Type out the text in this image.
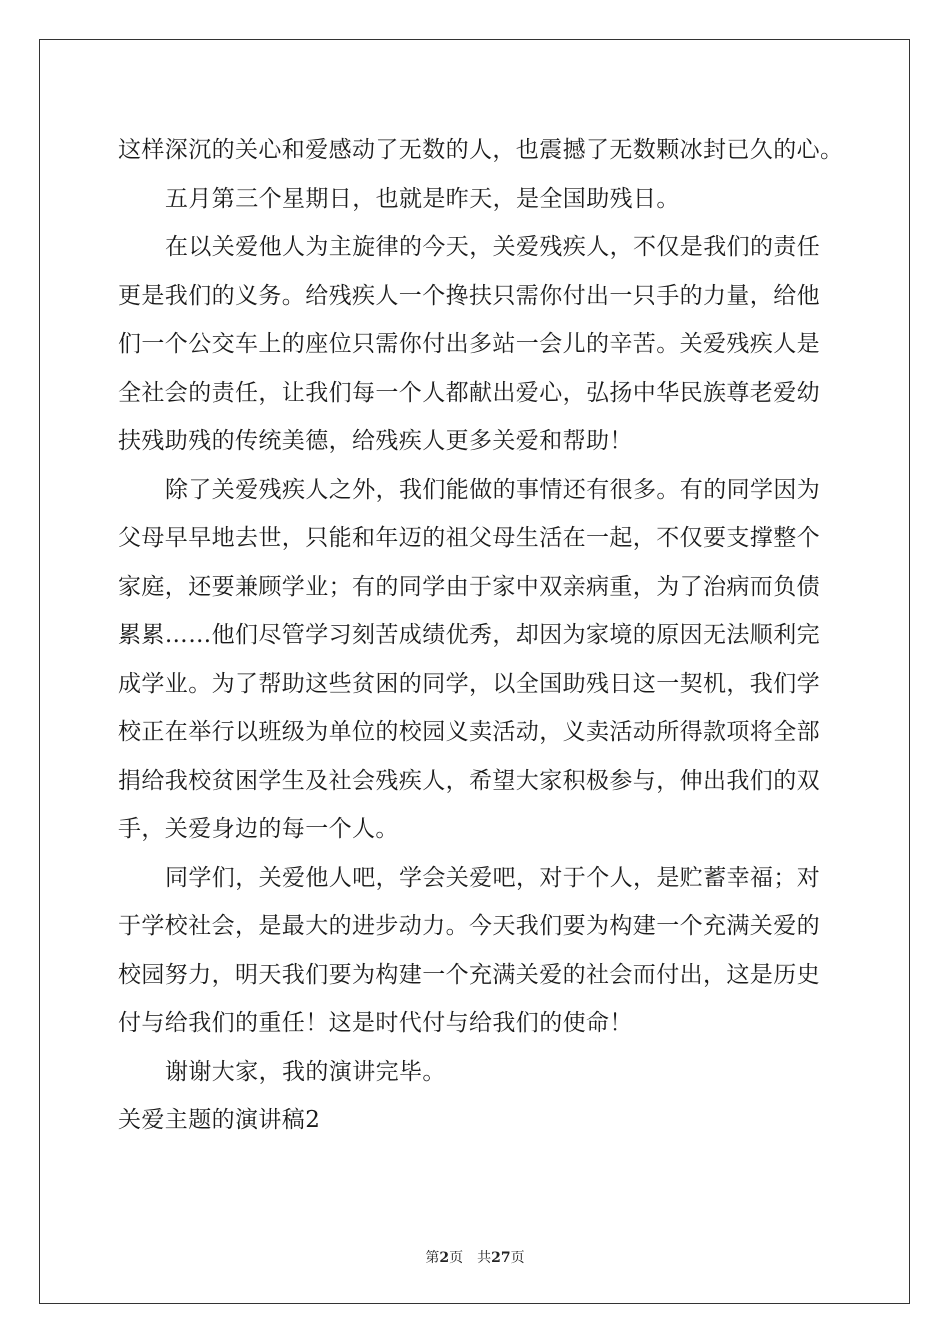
这样深沉的关心和爱感动了无数的人，也震撼了无数颗冰封已久的心。
五月第三个星期日，也就是昨天，是全国助残日。
在以关爱他人为主旋律的今天，关爱残疾人，不仅是我们的责任
更是我们的义务。给残疾人一个搀扶只需你付出一只手的力量，给他
们一个公交车上的座位只需你付出多站一会儿的辛苦。关爱残疾人是
全社会的责任，让我们每一个人都献出爱心，弘扬中华民族尊老爱幼
扶残助残的传统美德，给残疾人更多关爱和帮助！
除了关爱残疾人之外，我们能做的事情还有很多。有的同学因为
父母早早地去世，只能和年迈的祖父母生活在一起，不仅要支撑整个
家庭，还要兼顾学业；有的同学由于家中双亲病重，为了治病而负债
累累……他们尽管学习刻苦成绩优秀，却因为家境的原因无法顺利完
成学业。为了帮助这些贫困的同学，以全国助残日这一契机，我们学
校正在举行以班级为单位的校园义卖活动，义卖活动所得款项将全部
捐给我校贫困学生及社会残疾人，希望大家积极参与，伸出我们的双
手，关爱身边的每一个人。
同学们，关爱他人吧，学会关爱吧，对于个人，是贮蓄幸福；对
于学校社会，是最大的进步动力。今天我们要为构建一个充满关爱的
校园努力，明天我们要为构建一个充满关爱的社会而付出，这是历史
付与给我们的重任！这是时代付与给我们的使命！
谢谢大家，我的演讲完毕。
关爱主题的演讲稿2
第2页 共27页
